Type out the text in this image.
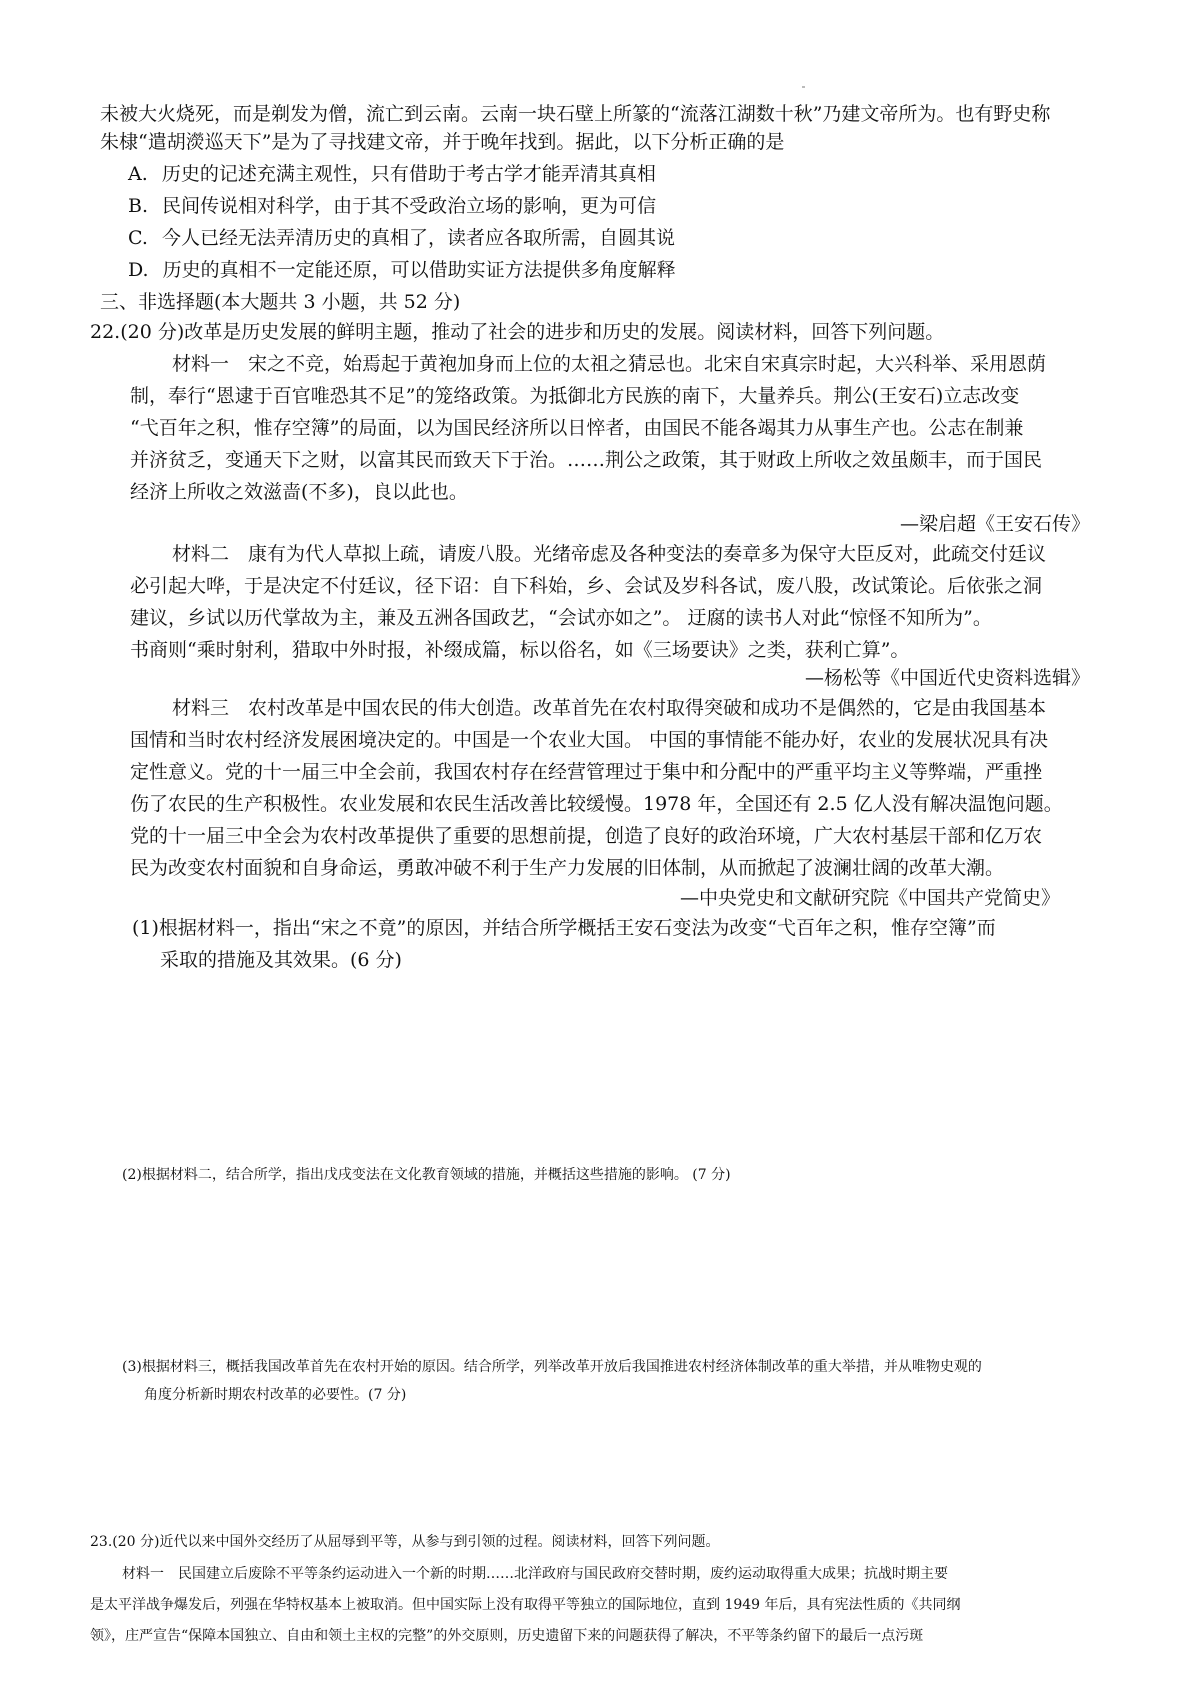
未被大火烧死，而是剃发为僧，流亡到云南。云南一块石壁上所篆的“流落江湖数十秋”乃建文帝所为。也有野史称
朱棣“遣胡濙巡天下”是为了寻找建文帝，并于晚年找到。据此，以下分析正确的是
A. 历史的记述充满主观性，只有借助于考古学才能弄清其真相
B. 民间传说相对科学，由于其不受政治立场的影响，更为可信
C. 今人已经无法弄清历史的真相了，读者应各取所需，自圆其说
D. 历史的真相不一定能还原，可以借助实证方法提供多角度解释
三、非选择题(本大题共 3 小题，共 52 分)
22.(20 分)改革是历史发展的鲜明主题，推动了社会的进步和历史的发展。阅读材料，回答下列问题。
材料一　宋之不竞，始焉起于黄袍加身而上位的太祖之猜忌也。北宋自宋真宗时起，大兴科举、采用恩荫
制，奉行“恩逮于百官唯恐其不足”的笼络政策。为抵御北方民族的南下，大量养兵。荆公(王安石)立志改变
“弋百年之积，惟存空簿”的局面，以为国民经济所以日悴者，由国民不能各竭其力从事生产也。公志在制兼
并济贫乏，变通天下之财，以富其民而致天下于治。……荆公之政策，其于财政上所收之效虽颇丰，而于国民
经济上所收之效滋啬(不多)，良以此也。
—梁启超《王安石传》
材料二　康有为代人草拟上疏，请废八股。光绪帝虑及各种变法的奏章多为保守大臣反对，此疏交付廷议
必引起大哗，于是决定不付廷议，径下诏：自下科始，乡、会试及岁科各试，废八股，改试策论。后依张之洞
建议，乡试以历代掌故为主，兼及五洲各国政艺，“会试亦如之”。 迂腐的读书人对此“惊怪不知所为”。
书商则“乘时射利，猎取中外时报，补缀成篇，标以俗名，如《三场要诀》之类，获利亡算”。
—杨松等《中国近代史资料选辑》
材料三　农村改革是中国农民的伟大创造。改革首先在农村取得突破和成功不是偶然的，它是由我国基本
国情和当时农村经济发展困境决定的。中国是一个农业大国。 中国的事情能不能办好，农业的发展状况具有决
定性意义。党的十一届三中全会前，我国农村存在经营管理过于集中和分配中的严重平均主义等弊端，严重挫
伤了农民的生产积极性。农业发展和农民生活改善比较缓慢。1978 年，全国还有 2.5 亿人没有解决温饱问题。
党的十一届三中全会为农村改革提供了重要的思想前提，创造了良好的政治环境，广大农村基层干部和亿万农
民为改变农村面貌和自身命运，勇敢冲破不利于生产力发展的旧体制，从而掀起了波澜壮阔的改革大潮。
—中央党史和文献研究院《中国共产党简史》
(1)根据材料一，指出“宋之不竟”的原因，并结合所学概括王安石变法为改变“弋百年之积，惟存空簿”而
采取的措施及其效果。(6 分)
(2)根据材料二，结合所学，指出戊戌变法在文化教育领域的措施，并概括这些措施的影响。 (7 分)
(3)根据材料三，概括我国改革首先在农村开始的原因。结合所学，列举改革开放后我国推进农村经济体制改革的重大举措，并从唯物史观的
角度分析新时期农村改革的必要性。(7 分)
23.(20 分)近代以来中国外交经历了从屈辱到平等，从参与到引领的过程。阅读材料，回答下列问题。
材料一　民国建立后废除不平等条约运动进入一个新的时期……北洋政府与国民政府交替时期，废约运动取得重大成果；抗战时期主要
是太平洋战争爆发后，列强在华特权基本上被取消。但中国实际上没有取得平等独立的国际地位，直到 1949 年后，具有宪法性质的《共同纲
领》，庄严宣告“保障本国独立、自由和领土主权的完整”的外交原则，历史遗留下来的问题获得了解决，不平等条约留下的最后一点污斑
